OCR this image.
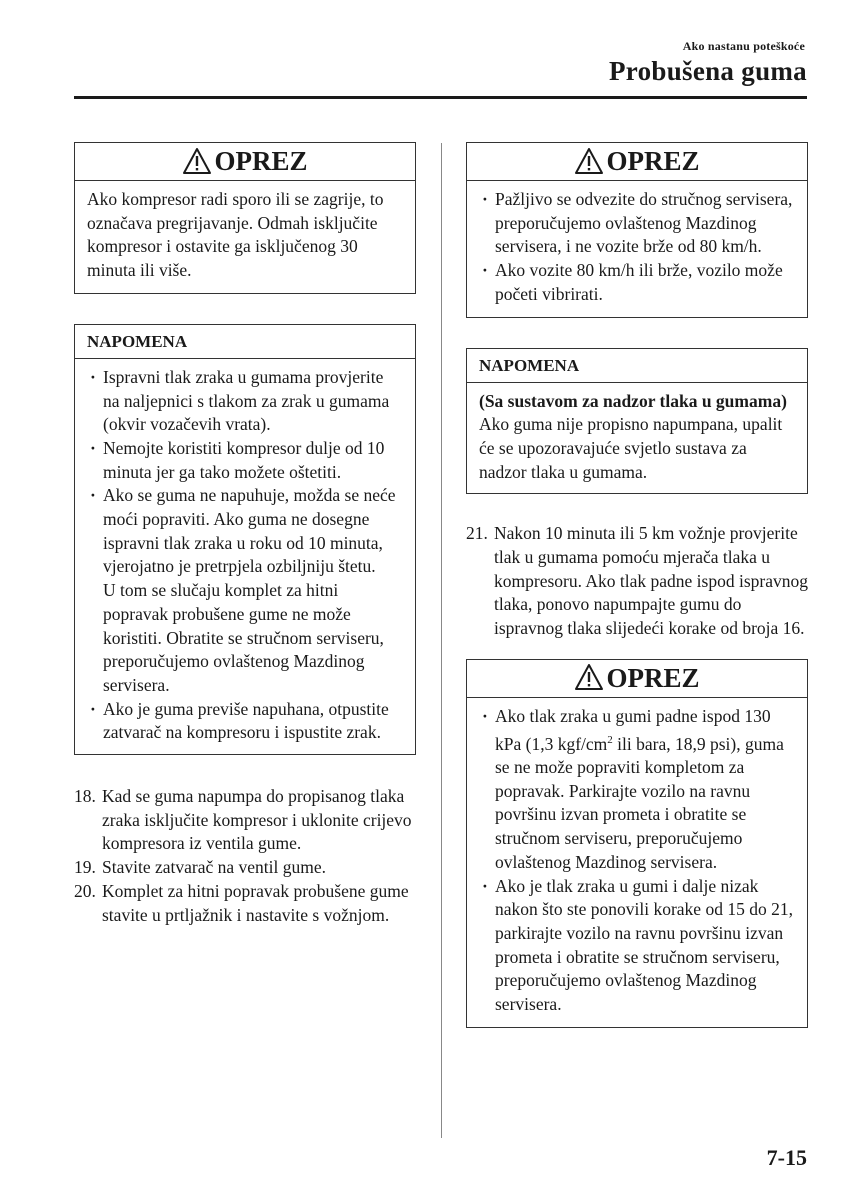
Ako nastanu poteškoće
Probušena guma
OPREZ
Ako kompresor radi sporo ili se zagrije, to označava pregrijavanje. Odmah isključite kompresor i ostavite ga isključenog 30 minuta ili više.
NAPOMENA
· Ispravni tlak zraka u gumama provjerite na naljepnici s tlakom za zrak u gumama (okvir vozačevih vrata).
· Nemojte koristiti kompresor dulje od 10 minuta jer ga tako možete oštetiti.
· Ako se guma ne napuhuje, možda se neće moći popraviti. Ako guma ne dosegne ispravni tlak zraka u roku od 10 minuta, vjerojatno je pretrpjela ozbiljniju štetu.
U tom se slučaju komplet za hitni popravak probušene gume ne može koristiti. Obratite se stručnom serviseru, preporučujemo ovlaštenog Mazdinog servisera.
· Ako je guma previše napuhana, otpustite zatvarač na kompresoru i ispustite zrak.
18. Kad se guma napumpa do propisanog tlaka zraka isključite kompresor i uklonite crijevo kompresora iz ventila gume.
19. Stavite zatvarač na ventil gume.
20. Komplet za hitni popravak probušene gume stavite u prtljažnik i nastavite s vožnjom.
OPREZ
· Pažljivo se odvezite do stručnog servisera, preporučujemo ovlaštenog Mazdinog servisera, i ne vozite brže od 80 km/h.
· Ako vozite 80 km/h ili brže, vozilo može početi vibrirati.
NAPOMENA
(Sa sustavom za nadzor tlaka u gumama)
Ako guma nije propisno napumpana, upalit će se upozoravajuće svjetlo sustava za nadzor tlaka u gumama.
21. Nakon 10 minuta ili 5 km vožnje provjerite tlak u gumama pomoću mjerača tlaka u kompresoru. Ako tlak padne ispod ispravnog tlaka, ponovo napumpajte gumu do ispravnog tlaka slijedeći korake od broja 16.
OPREZ
· Ako tlak zraka u gumi padne ispod 130 kPa (1,3 kgf/$cm^2$ ili bara, 18,9 psi), guma se ne može popraviti kompletom za popravak. Parkirajte vozilo na ravnu površinu izvan prometa i obratite se stručnom serviseru, preporučujemo ovlaštenog Mazdinog servisera.
· Ako je tlak zraka u gumi i dalje nizak nakon što ste ponovili korake od 15 do 21, parkirajte vozilo na ravnu površinu izvan prometa i obratite se stručnom serviseru, preporučujemo ovlaštenog Mazdinog servisera.
7-15
